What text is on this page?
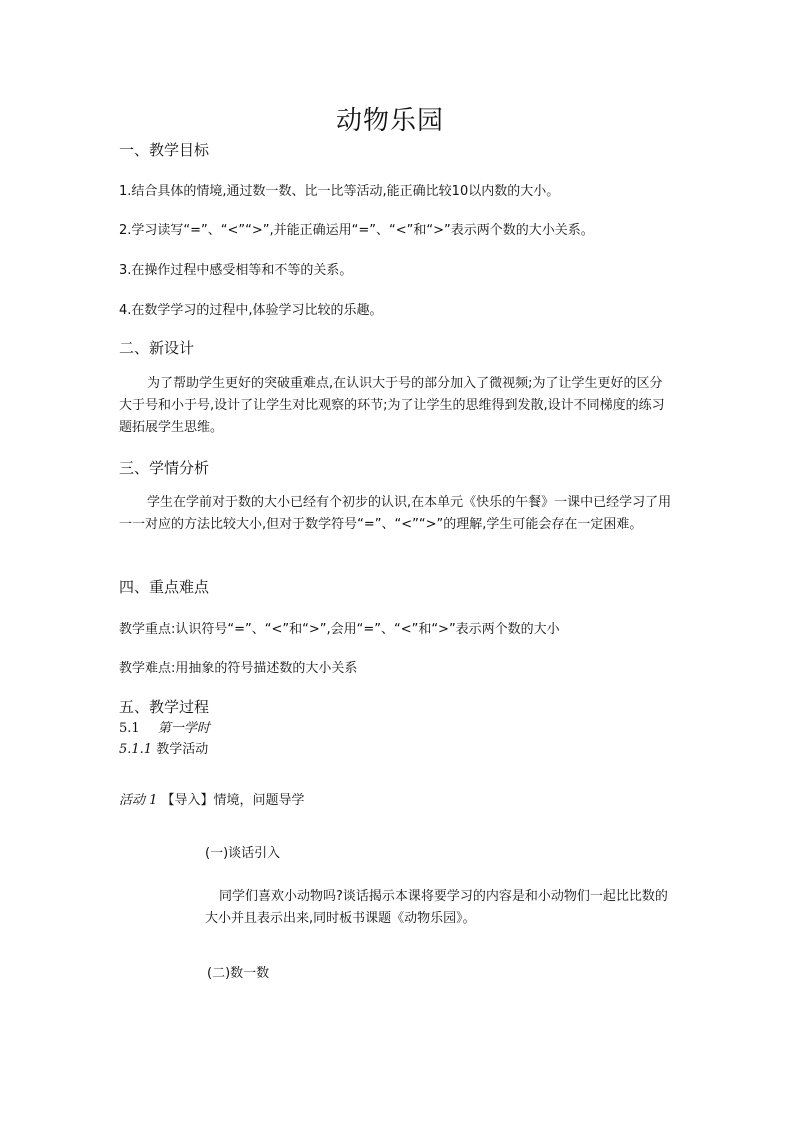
动物乐园
一、教学目标
1.结合具体的情境,通过数一数、比一比等活动,能正确比较10以内数的大小。
2.学习读写“=”、“<”“>”,并能正确运用“=”、“<”和“>”表示两个数的大小关系。
3.在操作过程中感受相等和不等的关系。
4.在数学学习的过程中,体验学习比较的乐趣。
二、新设计
为了帮助学生更好的突破重难点,在认识大于号的部分加入了微视频;为了让学生更好的区分大于号和小于号,设计了让学生对比观察的环节;为了让学生的思维得到发散,设计不同梯度的练习题拓展学生思维。
三、学情分析
学生在学前对于数的大小已经有个初步的认识,在本单元《快乐的午餐》一课中已经学习了用一一对应的方法比较大小,但对于数学符号“=”、“<”“>”的理解,学生可能会存在一定困难。
四、重点难点
教学重点:认识符号“=”、“<”和“>”,会用“=”、“<”和“>”表示两个数的大小
教学难点:用抽象的符号描述数的大小关系
五、教学过程
5.1 第一学时
5.1.1 教学活动
活动 1 【导入】情境，问题导学
(一)谈话引入
同学们喜欢小动物吗?谈话揭示本课将要学习的内容是和小动物们一起比比数的大小并且表示出来,同时板书课题《动物乐园》。
(二)数一数
